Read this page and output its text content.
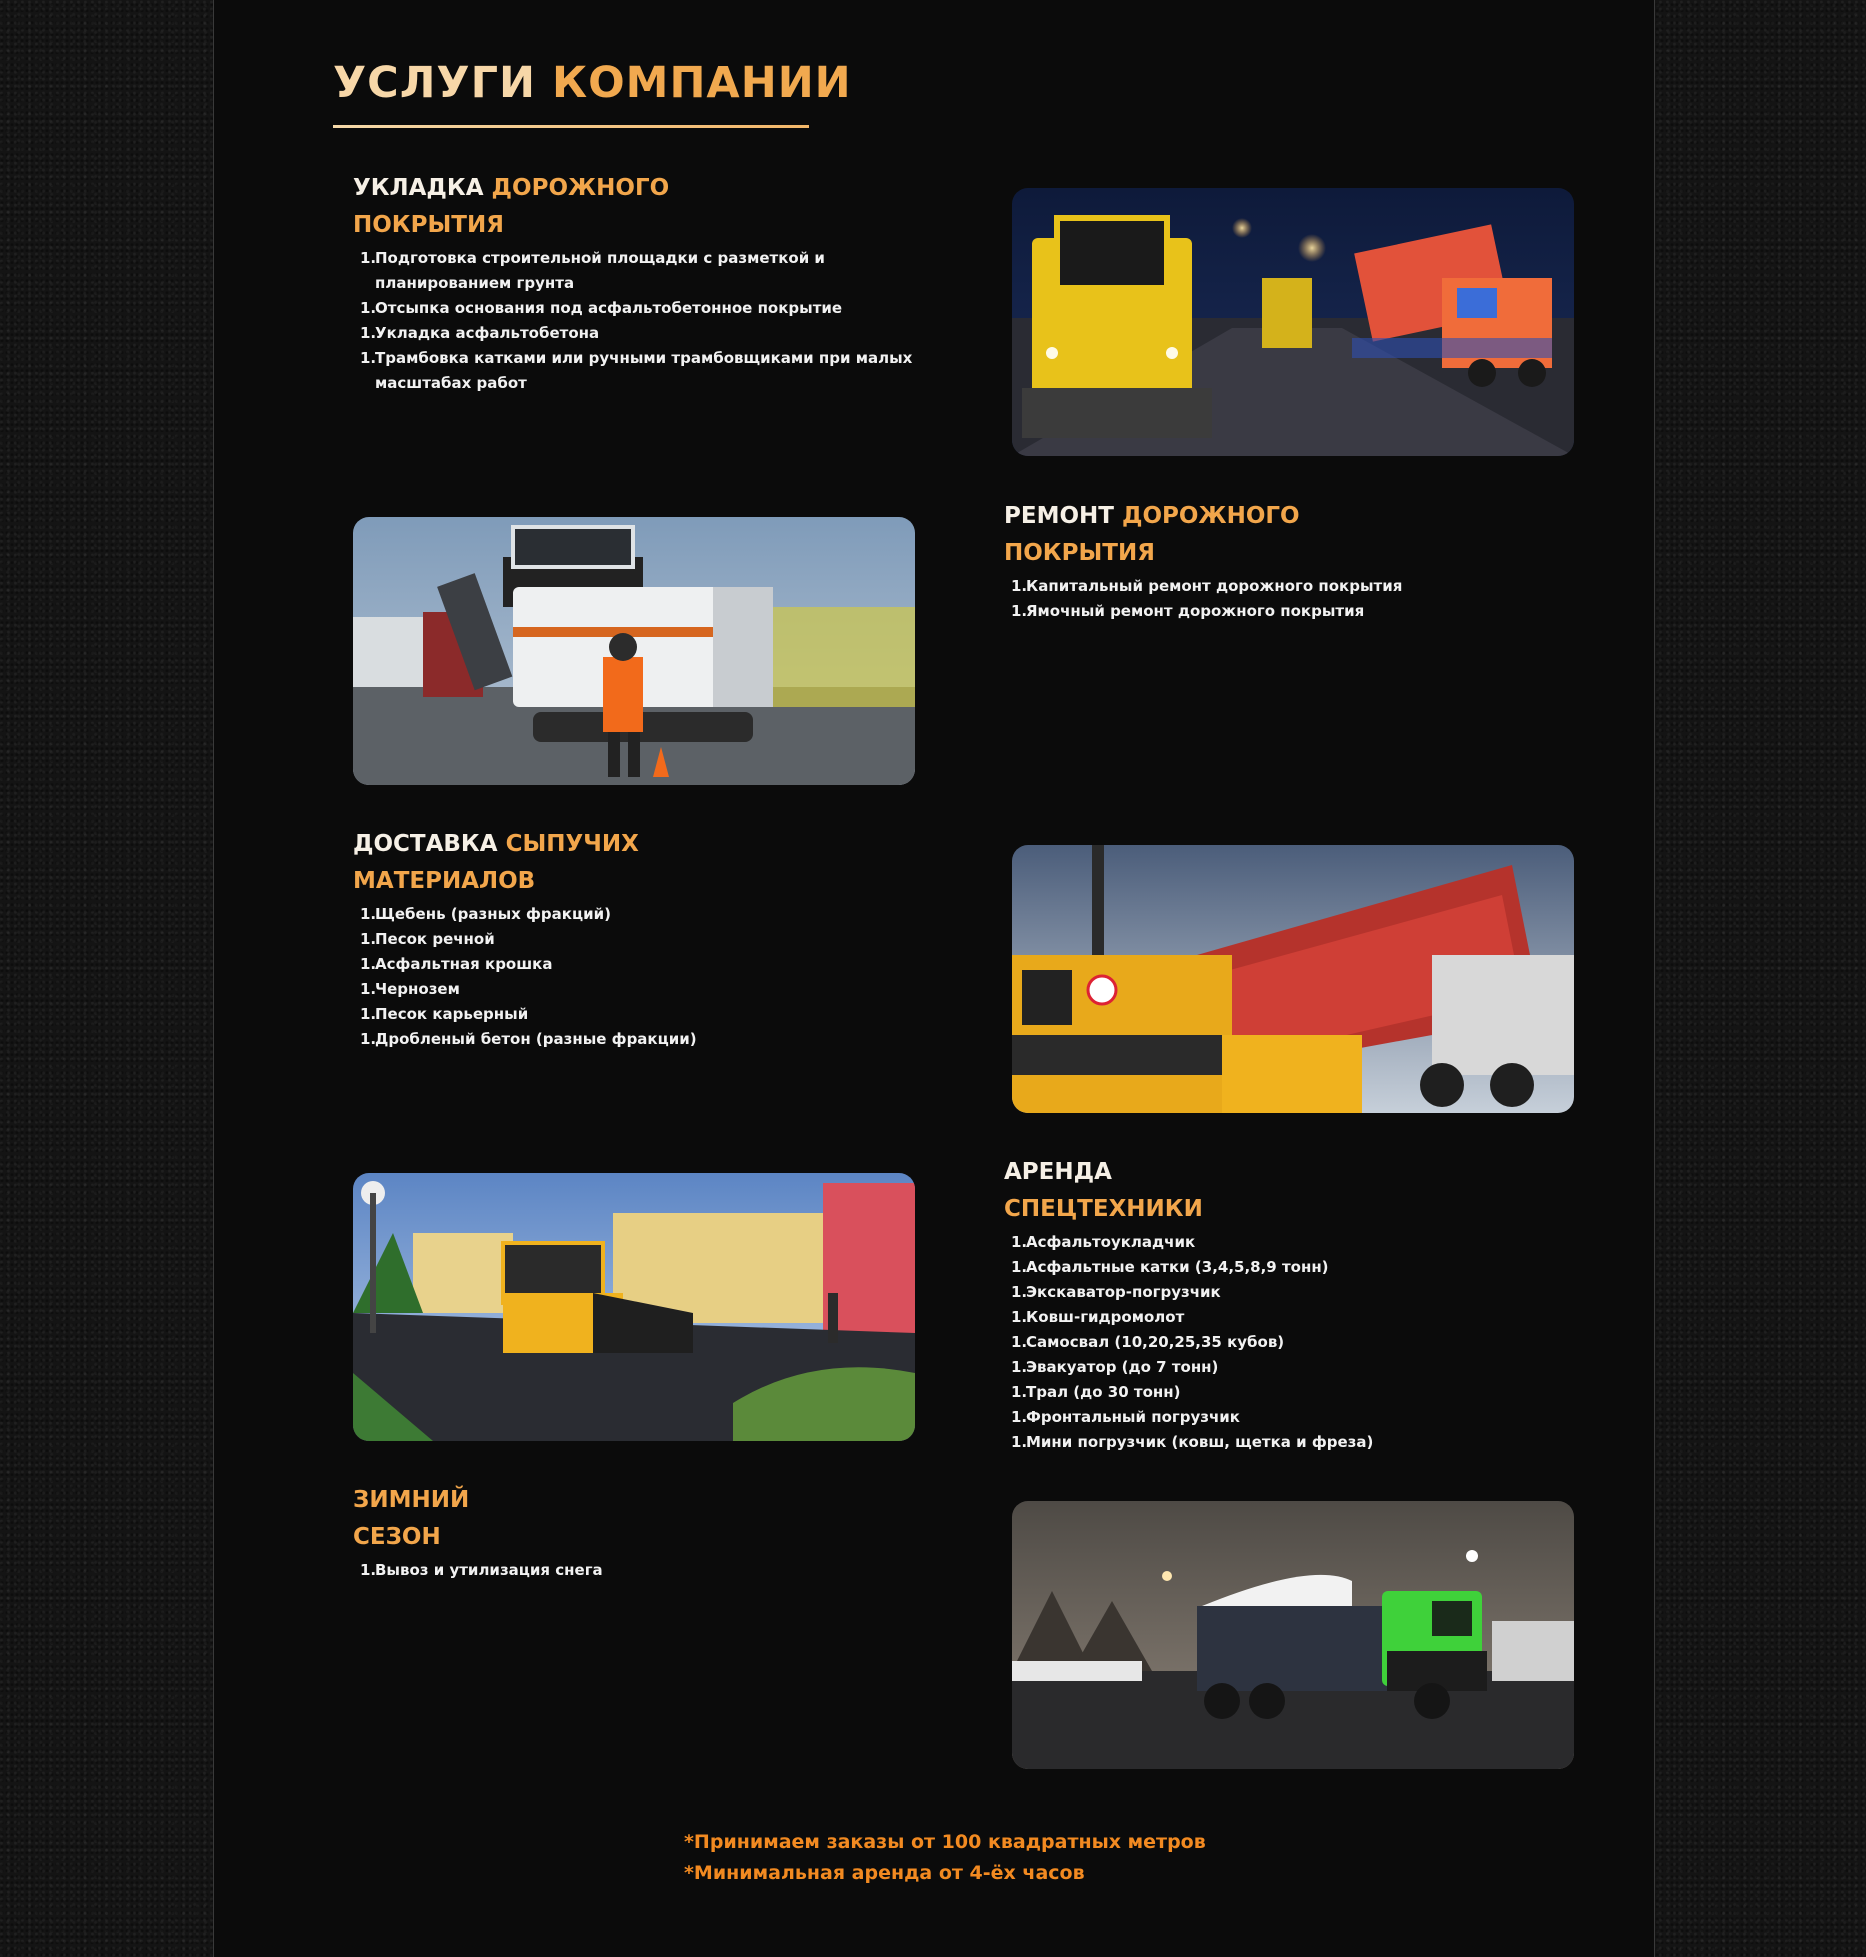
УСЛУГИ КОМПАНИИ
УКЛАДКА ДОРОЖНОГО
ПОКРЫТИЯ
1.Подготовка строительной площадки с разметкой и планированием грунта
1.Отсыпка основания под асфальтобетонное покрытие
1.Укладка асфальтобетона
1.Трамбовка катками или ручными трамбовщиками при малых масштабах работ
РЕМОНТ ДОРОЖНОГО
ПОКРЫТИЯ
1.Капитальный ремонт дорожного покрытия
1.Ямочный ремонт дорожного покрытия
ДОСТАВКА СЫПУЧИХ
МАТЕРИАЛОВ
1.Щебень (разных фракций)
1.Песок речной
1.Асфальтная крошка
1.Чернозем
1.Песок карьерный
1.Дробленый бетон (разные фракции)
АРЕНДА
СПЕЦТЕХНИКИ
1.Асфальтоукладчик
1.Асфальтные катки (3,4,5,8,9 тонн)
1.Экскаватор-погрузчик
1.Ковш-гидромолот
1.Самосвал (10,20,25,35 кубов)
1.Эвакуатор (до 7 тонн)
1.Трал (до 30 тонн)
1.Фронтальный погрузчик
1.Мини погрузчик (ковш, щетка и фреза)
ЗИМНИЙ
СЕЗОН
1.Вывоз и утилизация снега
*Принимаем заказы от 100 квадратных метров
*Минимальная аренда от 4-ёх часов
